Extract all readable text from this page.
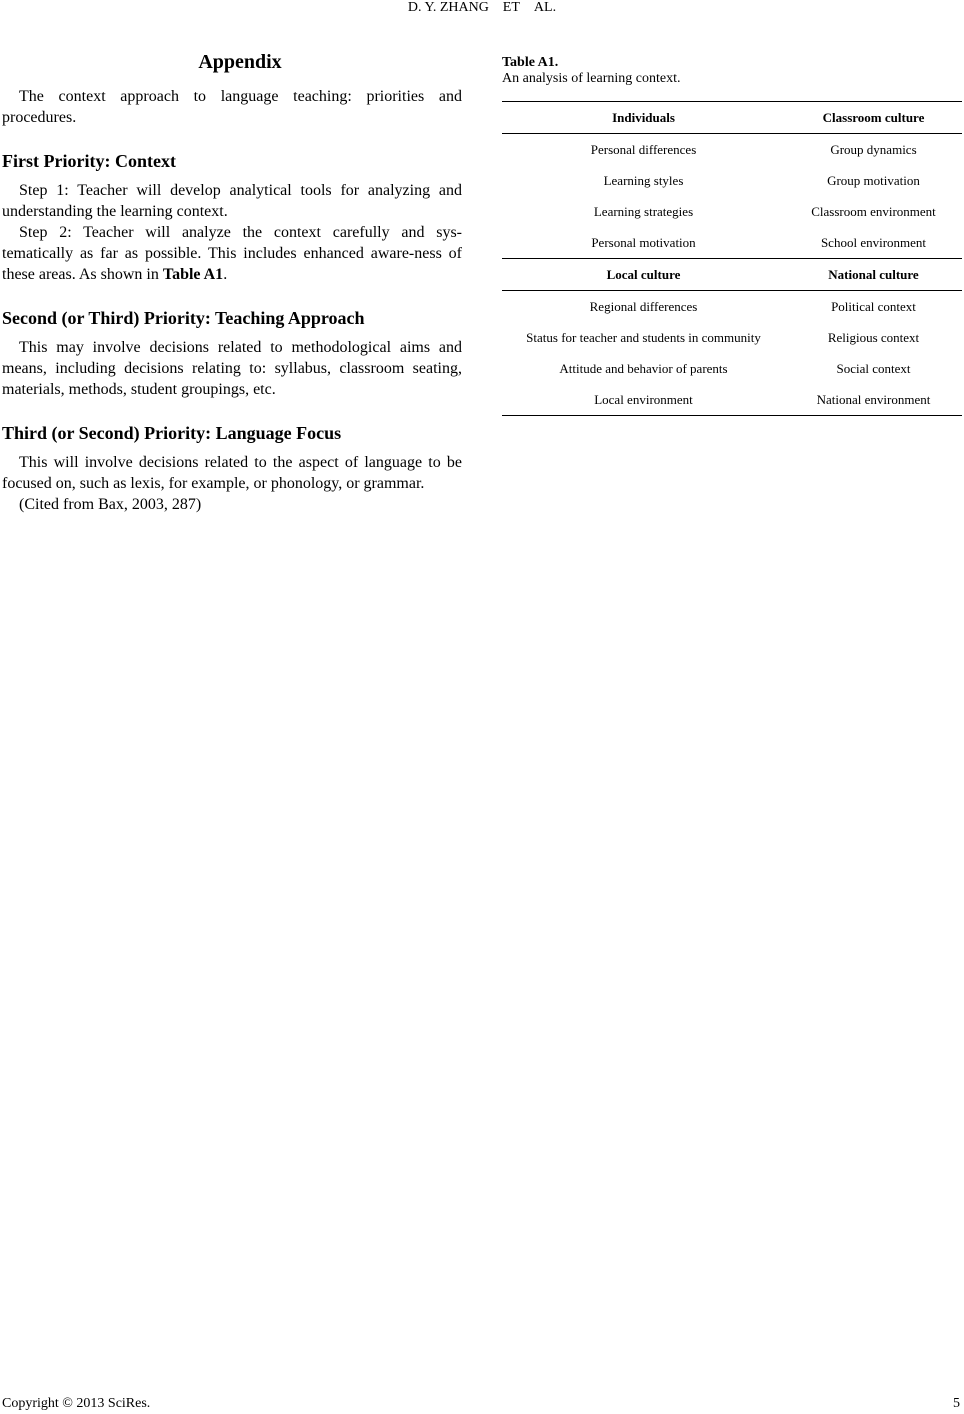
D. Y. ZHANG ET AL.
Appendix

The context approach to language teaching: priorities and procedures.

First Priority: Context

Step 1: Teacher will develop analytical tools for analyzing and understanding the learning context.

Step 2: Teacher will analyze the context carefully and sys-tematically as far as possible. This includes enhanced aware-ness of these areas. As shown in Table A1.

Second (or Third) Priority: Teaching Approach

This may involve decisions related to methodological aims and means, including decisions relating to: syllabus, classroom seating, materials, methods, student groupings, etc.

Third (or Second) Priority: Language Focus

This will involve decisions related to the aspect of language to be focused on, such as lexis, for example, or phonology, or grammar.

(Cited from Bax, 2003, 287)

Table A1.
An analysis of learning context.
Individuals	Classroom culture
Personal differences	Group dynamics
Learning styles	Group motivation
Learning strategies	Classroom environment
Personal motivation	School environment
Local culture	National culture
Regional differences	Political context
Status for teacher and students in community	Religious context
Attitude and behavior of parents	Social context
Local environment	National environment
Copyright © 2013 SciRes.	5
